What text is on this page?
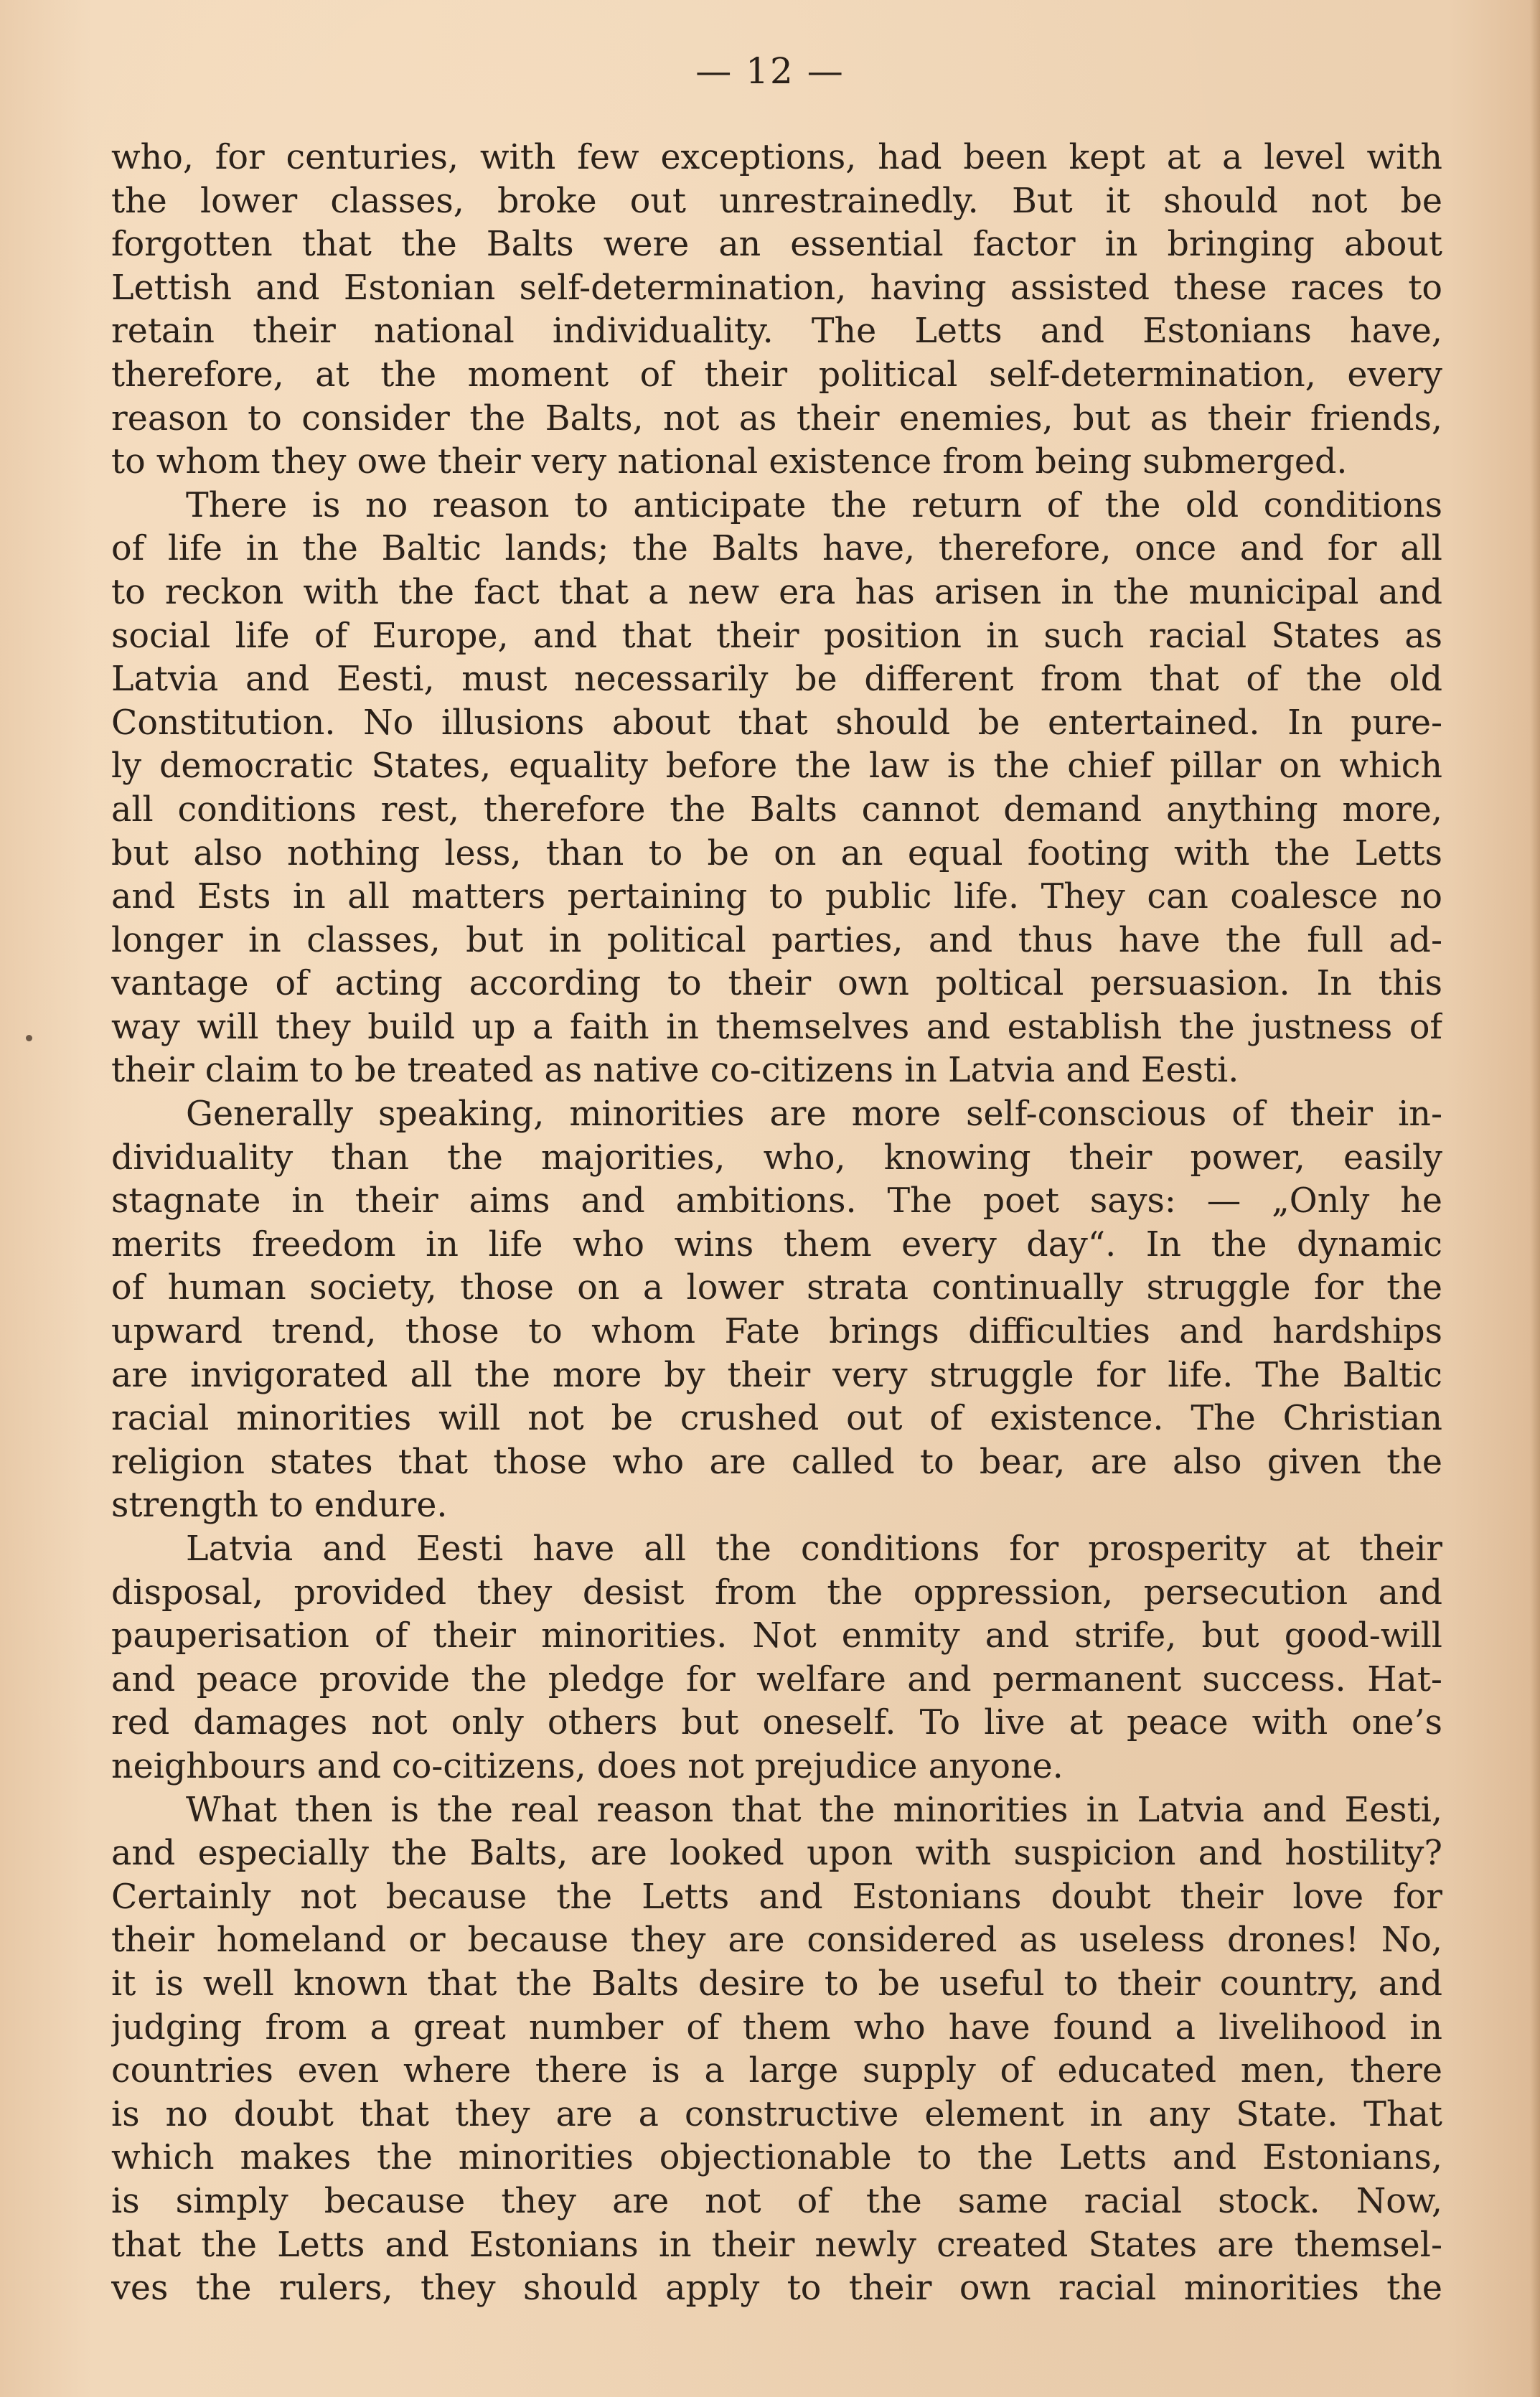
— 12 —
who, for centuries, with few exceptions, had been kept at a level with
the lower classes, broke out unrestrainedly. But it should not be
forgotten that the Balts were an essential factor in bringing about
Lettish and Estonian self-determination, having assisted these races to
retain their national individuality. The Letts and Estonians have,
therefore, at the moment of their political self-determination, every
reason to consider the Balts, not as their enemies, but as their friends,
to whom they owe their very national existence from being submerged.
There is no reason to anticipate the return of the old conditions
of life in the Baltic lands; the Balts have, therefore, once and for all
to reckon with the fact that a new era has arisen in the municipal and
social life of Europe, and that their position in such racial States as
Latvia and Eesti, must necessarily be different from that of the old
Constitution. No illusions about that should be entertained. In pure-
ly democratic States, equality before the law is the chief pillar on which
all conditions rest, therefore the Balts cannot demand anything more,
but also nothing less, than to be on an equal footing with the Letts
and Ests in all matters pertaining to public life. They can coalesce no
longer in classes, but in political parties, and thus have the full ad-
vantage of acting according to their own poltical persuasion. In this
way will they build up a faith in themselves and establish the justness of
their claim to be treated as native co-citizens in Latvia and Eesti.
Generally speaking, minorities are more self-conscious of their in-
dividuality than the majorities, who, knowing their power, easily
stagnate in their aims and ambitions. The poet says: — „Only he
merits freedom in life who wins them every day“. In the dynamic
of human society, those on a lower strata continually struggle for the
upward trend, those to whom Fate brings difficulties and hardships
are invigorated all the more by their very struggle for life. The Baltic
racial minorities will not be crushed out of existence. The Christian
religion states that those who are called to bear, are also given the
strength to endure.
Latvia and Eesti have all the conditions for prosperity at their
disposal, provided they desist from the oppression, persecution and
pauperisation of their minorities. Not enmity and strife, but good-will
and peace provide the pledge for welfare and permanent success. Hat-
red damages not only others but oneself. To live at peace with one’s
neighbours and co-citizens, does not prejudice anyone.
What then is the real reason that the minorities in Latvia and Eesti,
and especially the Balts, are looked upon with suspicion and hostility?
Certainly not because the Letts and Estonians doubt their love for
their homeland or because they are considered as useless drones! No,
it is well known that the Balts desire to be useful to their country, and
judging from a great number of them who have found a livelihood in
countries even where there is a large supply of educated men, there
is no doubt that they are a constructive element in any State. That
which makes the minorities objectionable to the Letts and Estonians,
is simply because they are not of the same racial stock. Now,
that the Letts and Estonians in their newly created States are themsel-
ves the rulers, they should apply to their own racial minorities the
